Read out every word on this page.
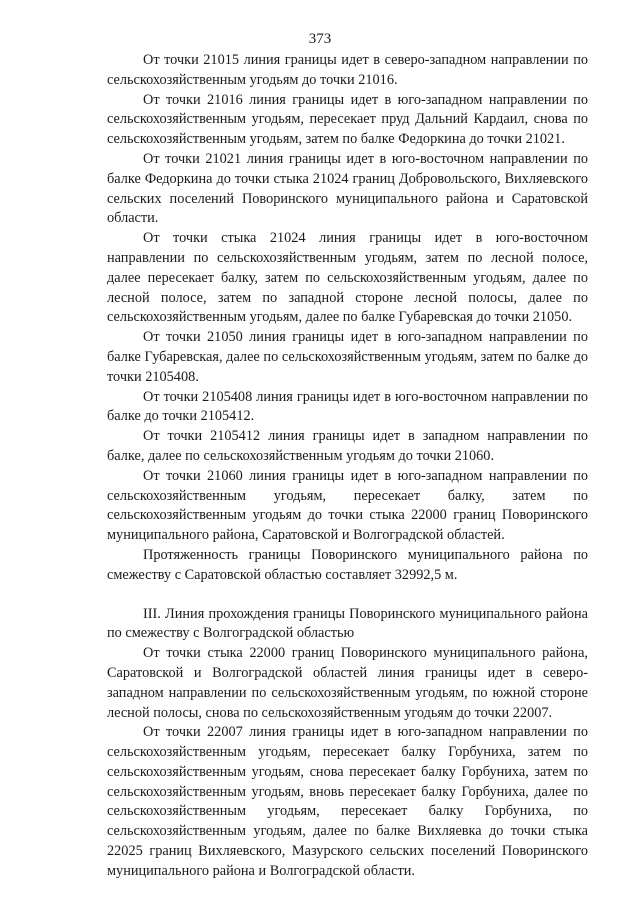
373

От точки 21015 линия границы идет в северо-западном направлении по сельскохозяйственным угодьям до точки 21016.

От точки 21016 линия границы идет в юго-западном направлении по сельскохозяйственным угодьям, пересекает пруд Дальний Кардаил, снова по сельскохозяйственным угодьям, затем по балке Федоркина до точки 21021.

От точки 21021 линия границы идет в юго-восточном направлении по балке Федоркина до точки стыка 21024 границ Добровольского, Вихляевского сельских поселений Поворинского муниципального района и Саратовской области.

От точки стыка 21024 линия границы идет в юго-восточном направлении по сельскохозяйственным угодьям, затем по лесной полосе, далее пересекает балку, затем по сельскохозяйственным угодьям, далее по лесной полосе, затем по западной стороне лесной полосы, далее по сельскохозяйственным угодьям, далее по балке Губаревская до точки 21050.

От точки 21050 линия границы идет в юго-западном направлении по балке Губаревская, далее по сельскохозяйственным угодьям, затем по балке до точки 2105408.

От точки 2105408 линия границы идет в юго-восточном направлении по балке до точки 2105412.

От точки 2105412 линия границы идет в западном направлении по балке, далее по сельскохозяйственным угодьям до точки 21060.

От точки 21060 линия границы идет в юго-западном направлении по сельскохозяйственным угодьям, пересекает балку, затем по сельскохозяйственным угодьям до точки стыка 22000 границ Поворинского муниципального района, Саратовской и Волгоградской областей.

Протяженность границы Поворинского муниципального района по смежеству с Саратовской областью составляет 32992,5 м.

III. Линия прохождения границы Поворинского муниципального района по смежеству с Волгоградской областью

От точки стыка 22000 границ Поворинского муниципального района, Саратовской и Волгоградской областей линия границы идет в северо-западном направлении по сельскохозяйственным угодьям, по южной стороне лесной полосы, снова по сельскохозяйственным угодьям до точки 22007.

От точки 22007 линия границы идет в юго-западном направлении по сельскохозяйственным угодьям, пересекает балку Горбуниха, затем по сельскохозяйственным угодьям, снова пересекает балку Горбуниха, затем по сельскохозяйственным угодьям, вновь пересекает балку Горбуниха, далее по сельскохозяйственным угодьям, пересекает балку Горбуниха, по сельскохозяйственным угодьям, далее по балке Вихляевка до точки стыка 22025 границ Вихляевского, Мазурского сельских поселений Поворинского муниципального района и Волгоградской области.
